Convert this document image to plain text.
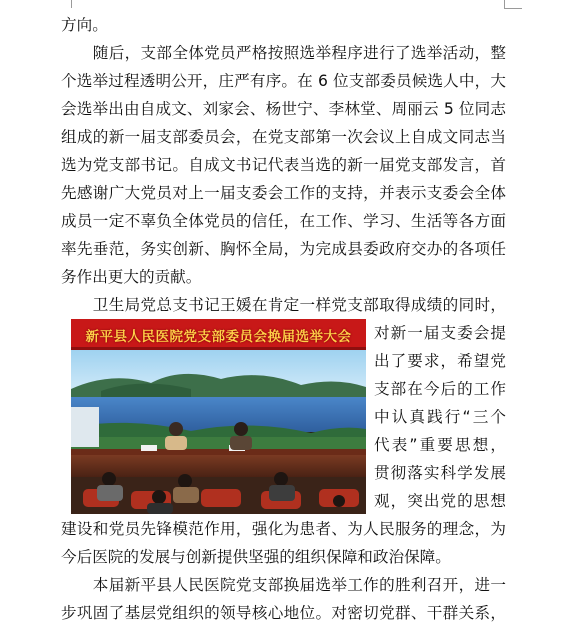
方向。
　　随后，支部全体党员严格按照选举程序进行了选举活动，整
个选举过程透明公开，庄严有序。在 6 位支部委员候选人中，大
会选举出由自成文、刘家会、杨世宁、李林堂、周丽云 5 位同志
组成的新一届支部委员会，在党支部第一次会议上自成文同志当
选为党支部书记。自成文书记代表当选的新一届党支部发言，首
先感谢广大党员对上一届支委会工作的支持，并表示支委会全体
成员一定不辜负全体党员的信任，在工作、学习、生活等各方面
率先垂范，务实创新、胸怀全局，为完成县委政府交办的各项任
务作出更大的贡献。
　　卫生局党总支书记王媛在肯定一样党支部取得成绩的同时，
对新一届支委会提
出了要求，希望党
支部在今后的工作
中认真践行“三个
代表”重要思想，
贯彻落实科学发展
观，突出党的思想
建设和党员先锋模范作用，强化为患者、为人民服务的理念，为
今后医院的发展与创新提供坚强的组织保障和政治保障。
　　本届新平县人民医院党支部换届选举工作的胜利召开，进一
步巩固了基层党组织的领导核心地位。对密切党群、干群关系，
新平县人民医院党支部委员会换届选举大会
